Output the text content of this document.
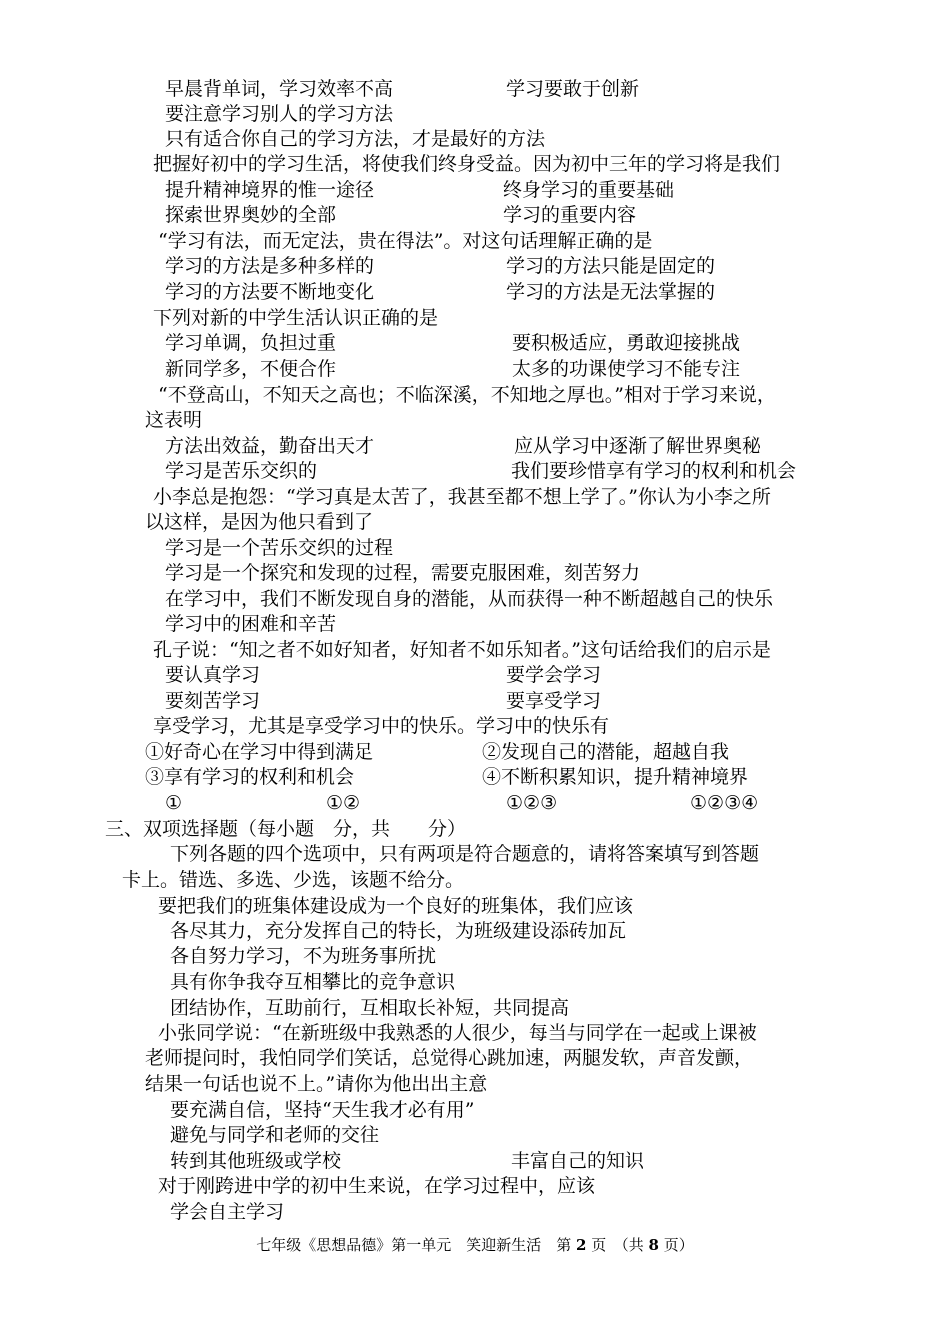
早晨背单词，学习效率不高	学习要敢于创新
要注意学习别人的学习方法
只有适合你自己的学习方法，才是最好的方法
把握好初中的学习生活，将使我们终身受益。因为初中三年的学习将是我们
提升精神境界的惟一途径	终身学习的重要基础
探索世界奥妙的全部	学习的重要内容
“学习有法，而无定法，贵在得法”。对这句话理解正确的是
学习的方法是多种多样的	学习的方法只能是固定的
学习的方法要不断地变化	学习的方法是无法掌握的
下列对新的中学生活认识正确的是
学习单调，负担过重	要积极适应，勇敢迎接挑战
新同学多，不便合作	太多的功课使学习不能专注
“不登高山，不知天之高也；不临深溪，不知地之厚也。”相对于学习来说，
这表明
方法出效益，勤奋出天才	应从学习中逐渐了解世界奥秘
学习是苦乐交织的	我们要珍惜享有学习的权利和机会
小李总是抱怨：“学习真是太苦了，我甚至都不想上学了。”你认为小李之所
以这样，是因为他只看到了
学习是一个苦乐交织的过程
学习是一个探究和发现的过程，需要克服困难，刻苦努力
在学习中，我们不断发现自身的潜能，从而获得一种不断超越自己的快乐
学习中的困难和辛苦
孔子说：“知之者不如好知者，好知者不如乐知者。”这句话给我们的启示是
要认真学习	要学会学习
要刻苦学习	要享受学习
享受学习，尤其是享受学习中的快乐。学习中的快乐有
①好奇心在学习中得到满足	②发现自己的潜能，超越自我
③享有学习的权利和机会	④不断积累知识，提升精神境界
①	①②	①②③	①②③④
三、双项选择题（每小题　分，共　　分）
下列各题的四个选项中，只有两项是符合题意的，请将答案填写到答题
卡上。错选、多选、少选，该题不给分。
要把我们的班集体建设成为一个良好的班集体，我们应该
各尽其力，充分发挥自己的特长，为班级建设添砖加瓦
各自努力学习，不为班务事所扰
具有你争我夺互相攀比的竞争意识
团结协作，互助前行，互相取长补短，共同提高
小张同学说：“在新班级中我熟悉的人很少，每当与同学在一起或上课被
老师提问时，我怕同学们笑话，总觉得心跳加速，两腿发软，声音发颤，
结果一句话也说不上。”请你为他出出主意
要充满自信，坚持“天生我才必有用”
避免与同学和老师的交往
转到其他班级或学校	丰富自己的知识
对于刚跨进中学的初中生来说，在学习过程中，应该
学会自主学习
七年级《思想品德》第一单元　笑迎新生活　第 2 页　（共 8 页）
